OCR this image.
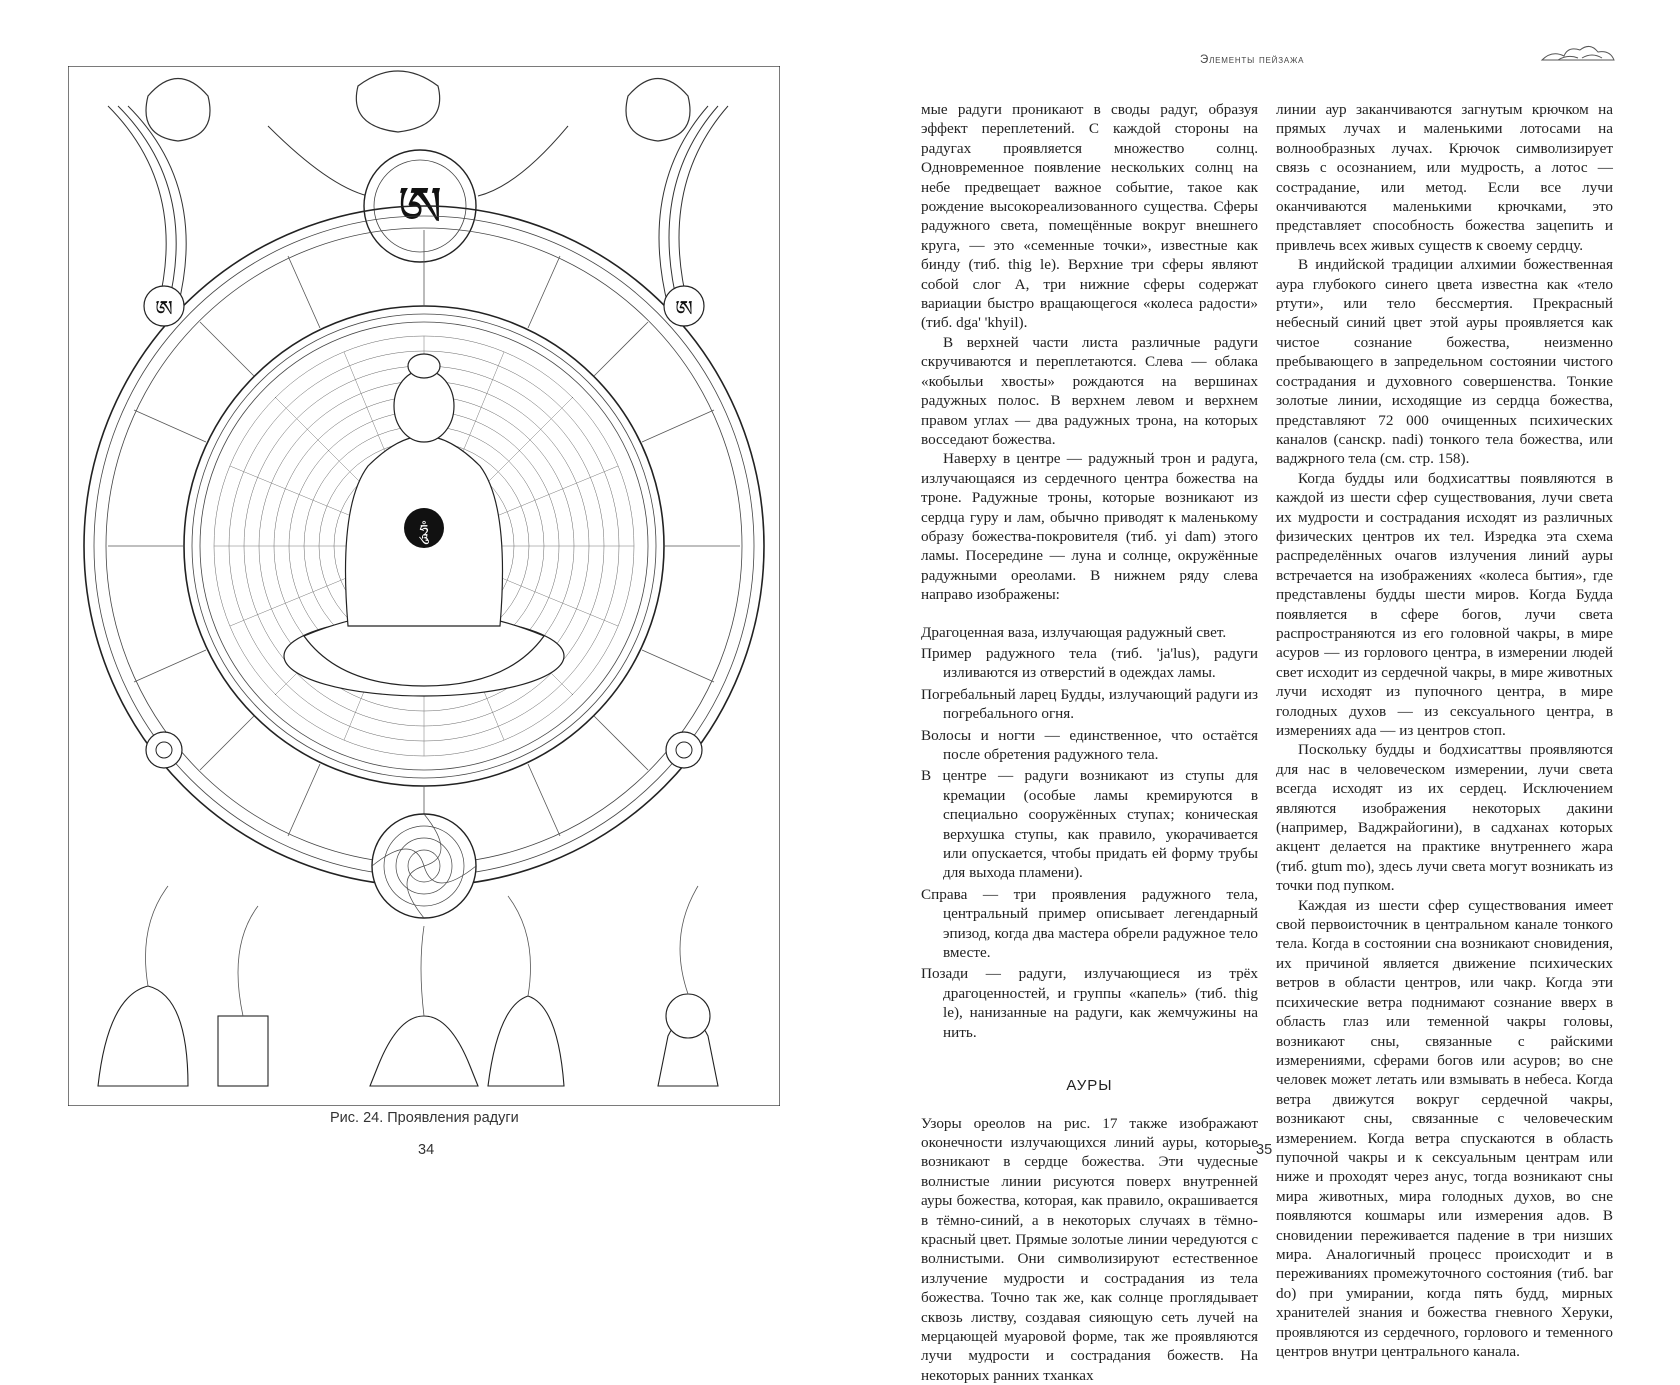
ཨ
ཨ	ཨ
ཧཱུཾ
Рис. 24. Проявления радуги
34
Элементы пейзажа

мые радуги проникают в своды радуг, образуя эффект переплетений. С каждой стороны на радугах проявляется множество солнц. Одновременное появление нескольких солнц на небе предвещает важное событие, такое как рождение высокореализованного существа. Сферы радужного света, помещённые вокруг внешнего круга, — это «семенные точки», известные как бинду (тиб. thig le). Верхние три сферы являют собой слог А, три нижние сферы содержат вариации быстро вращающегося «колеса радости» (тиб. dga' 'khyil).

В верхней части листа различные радуги скручиваются и переплетаются. Слева — облака «кобыльи хвосты» рождаются на вершинах радужных полос. В верхнем левом и верхнем правом углах — два радужных трона, на которых восседают божества.

Наверху в центре — радужный трон и радуга, излучающаяся из сердечного центра божества на троне. Радужные троны, которые возникают из сердца гуру и лам, обычно приводят к маленькому образу божества-покровителя (тиб. yi dam) этого ламы. Посередине — луна и солнце, окружённые радужными ореолами. В нижнем ряду слева направо изображены:

Драгоценная ваза, излучающая радужный свет.
Пример радужного тела (тиб. 'ja'lus), радуги изливаются из отверстий в одеждах ламы.
Погребальный ларец Будды, излучающий радуги из погребального огня.
Волосы и ногти — единственное, что остаётся после обретения радужного тела.
В центре — радуги возникают из ступы для кремации (особые ламы кремируются в специально сооружённых ступах; коническая верхушка ступы, как правило, укорачивается или опускается, чтобы придать ей форму трубы для выхода пламени).
Справа — три проявления радужного тела, центральный пример описывает легендарный эпизод, когда два мастера обрели радужное тело вместе.
Позади — радуги, излучающиеся из трёх драгоценностей, и группы «капель» (тиб. thig le), нанизанные на радуги, как жемчужины на нить.
АУРЫ

Узоры ореолов на рис. 17 также изображают оконечности излучающихся линий ауры, которые возникают в сердце божества. Эти чудесные волнистые линии рисуются поверх внутренней ауры божества, которая, как правило, окрашивается в тёмно-синий, а в некоторых случаях в тёмно-красный цвет. Прямые золотые линии чередуются с волнистыми. Они символизируют естественное излучение мудрости и сострадания из тела божества. Точно так же, как солнце проглядывает сквозь листву, создавая сияющую сеть лучей на мерцающей муаровой форме, так же проявляются лучи мудрости и сострадания божеств. На некоторых ранних тханках

линии аур заканчиваются загнутым крючком на прямых лучах и маленькими лотосами на волнообразных лучах. Крючок символизирует связь с осознанием, или мудрость, а лотос — сострадание, или метод. Если все лучи оканчиваются маленькими крючками, это представляет способность божества зацепить и привлечь всех живых существ к своему сердцу.

В индийской традиции алхимии божественная аура глубокого синего цвета известна как «тело ртути», или тело бессмертия. Прекрасный небесный синий цвет этой ауры проявляется как чистое сознание божества, неизменно пребывающего в запредельном состоянии чистого сострадания и духовного совершенства. Тонкие золотые линии, исходящие из сердца божества, представляют 72 000 очищенных психических каналов (санскр. nadi) тонкого тела божества, или ваджрного тела (см. стр. 158).

Когда будды или бодхисаттвы появляются в каждой из шести сфер существования, лучи света их мудрости и сострадания исходят из различных физических центров их тел. Изредка эта схема распределённых очагов излучения линий ауры встречается на изображениях «колеса бытия», где представлены будды шести миров. Когда Будда появляется в сфере богов, лучи света распространяются из его головной чакры, в мире асуров — из горлового центра, в измерении людей свет исходит из сердечной чакры, в мире животных лучи исходят из пупочного центра, в мире голодных духов — из сексуального центра, в измерениях ада — из центров стоп.

Поскольку будды и бодхисаттвы проявляются для нас в человеческом измерении, лучи света всегда исходят из их сердец. Исключением являются изображения некоторых дакини (например, Ваджрайогини), в садханах которых акцент делается на практике внутреннего жара (тиб. gtum mo), здесь лучи света могут возникать из точки под пупком.

Каждая из шести сфер существования имеет свой первоисточник в центральном канале тонкого тела. Когда в состоянии сна возникают сновидения, их причиной является движение психических ветров в области центров, или чакр. Когда эти психические ветра поднимают сознание вверх в область глаз или теменной чакры головы, возникают сны, связанные с райскими измерениями, сферами богов или асуров; во сне человек может летать или взмывать в небеса. Когда ветра движутся вокруг сердечной чакры, возникают сны, связанные с человеческим измерением. Когда ветра спускаются в область пупочной чакры и к сексуальным центрам или ниже и проходят через анус, тогда возникают сны мира животных, мира голодных духов, во сне появляются кошмары или измерения адов. В сновидении переживается падение в три низших мира. Аналогичный процесс происходит и в переживаниях промежуточного состояния (тиб. bar do) при умирании, когда пять будд, мирных хранителей знания и божества гневного Херуки, проявляются из сердечного, горлового и теменного центров внутри центрального канала.

35
